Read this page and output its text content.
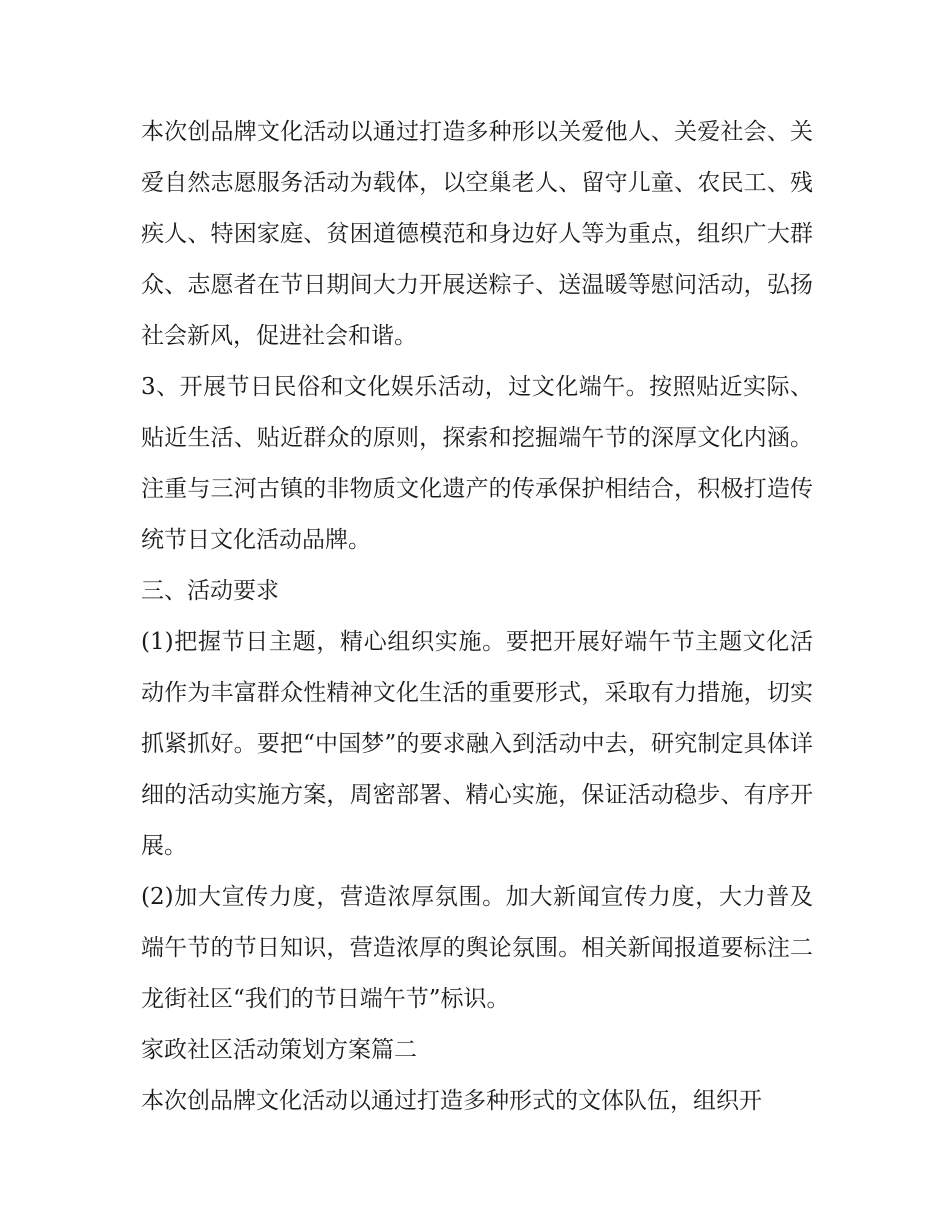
本次创品牌文化活动以通过打造多种形以关爱他人、关爱社会、关爱自然志愿服务活动为载体，以空巢老人、留守儿童、农民工、残疾人、特困家庭、贫困道德模范和身边好人等为重点，组织广大群众、志愿者在节日期间大力开展送粽子、送温暖等慰问活动，弘扬社会新风，促进社会和谐。

3、开展节日民俗和文化娱乐活动，过文化端午。按照贴近实际、贴近生活、贴近群众的原则，探索和挖掘端午节的深厚文化内涵。注重与三河古镇的非物质文化遗产的传承保护相结合，积极打造传统节日文化活动品牌。

三、活动要求

(1)把握节日主题，精心组织实施。要把开展好端午节主题文化活动作为丰富群众性精神文化生活的重要形式，采取有力措施，切实抓紧抓好。要把“中国梦”的要求融入到活动中去，研究制定具体详细的活动实施方案，周密部署、精心实施，保证活动稳步、有序开展。

(2)加大宣传力度，营造浓厚氛围。加大新闻宣传力度，大力普及端午节的节日知识，营造浓厚的舆论氛围。相关新闻报道要标注二龙街社区“我们的节日端午节”标识。

家政社区活动策划方案篇二

本次创品牌文化活动以通过打造多种形式的文体队伍，组织开
